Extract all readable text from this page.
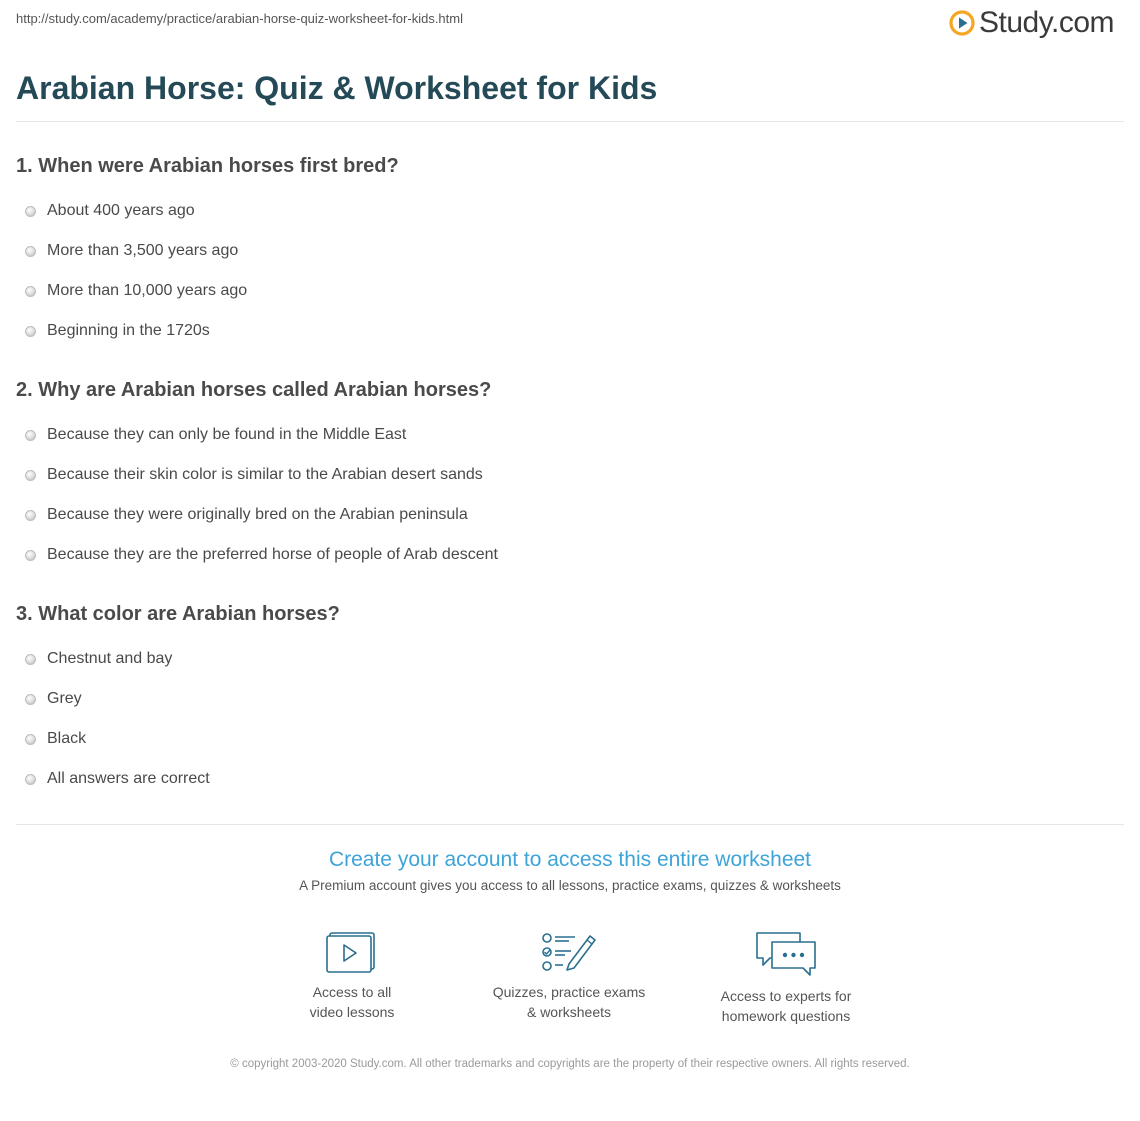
http://study.com/academy/practice/arabian-horse-quiz-worksheet-for-kids.html	Study.com
Arabian Horse: Quiz & Worksheet for Kids
1. When were Arabian horses first bred?
About 400 years ago
More than 3,500 years ago
More than 10,000 years ago
Beginning in the 1720s
2. Why are Arabian horses called Arabian horses?
Because they can only be found in the Middle East
Because their skin color is similar to the Arabian desert sands
Because they were originally bred on the Arabian peninsula
Because they are the preferred horse of people of Arab descent
3. What color are Arabian horses?
Chestnut and bay
Grey
Black
All answers are correct
Create your account to access this entire worksheet
A Premium account gives you access to all lessons, practice exams, quizzes & worksheets
Access to all
video lessons
Quizzes, practice exams
& worksheets
Access to experts for
homework questions
© copyright 2003-2020 Study.com. All other trademarks and copyrights are the property of their respective owners. All rights reserved.
